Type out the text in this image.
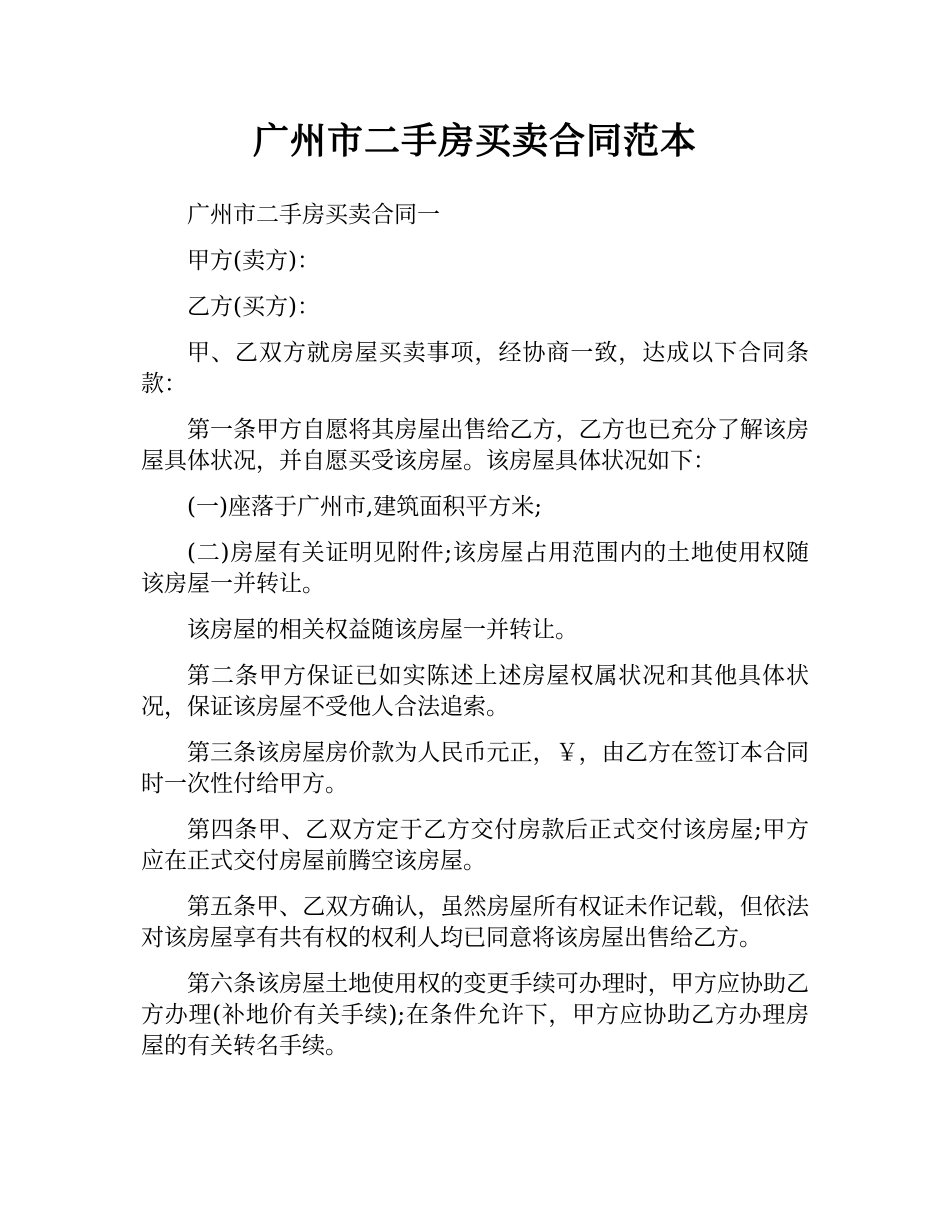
广州市二手房买卖合同范本

广州市二手房买卖合同一

甲方(卖方)：

乙方(买方)：

甲、乙双方就房屋买卖事项，经协商一致，达成以下合同条款：

第一条甲方自愿将其房屋出售给乙方，乙方也已充分了解该房屋具体状况，并自愿买受该房屋。该房屋具体状况如下：

(一)座落于广州市,建筑面积平方米;

(二)房屋有关证明见附件;该房屋占用范围内的土地使用权随该房屋一并转让。

该房屋的相关权益随该房屋一并转让。

第二条甲方保证已如实陈述上述房屋权属状况和其他具体状况，保证该房屋不受他人合法追索。

第三条该房屋房价款为人民币元正，￥，由乙方在签订本合同时一次性付给甲方。

第四条甲、乙双方定于乙方交付房款后正式交付该房屋;甲方应在正式交付房屋前腾空该房屋。

第五条甲、乙双方确认，虽然房屋所有权证未作记载，但依法对该房屋享有共有权的权利人均已同意将该房屋出售给乙方。

第六条该房屋土地使用权的变更手续可办理时，甲方应协助乙方办理(补地价有关手续);在条件允许下，甲方应协助乙方办理房屋的有关转名手续。
